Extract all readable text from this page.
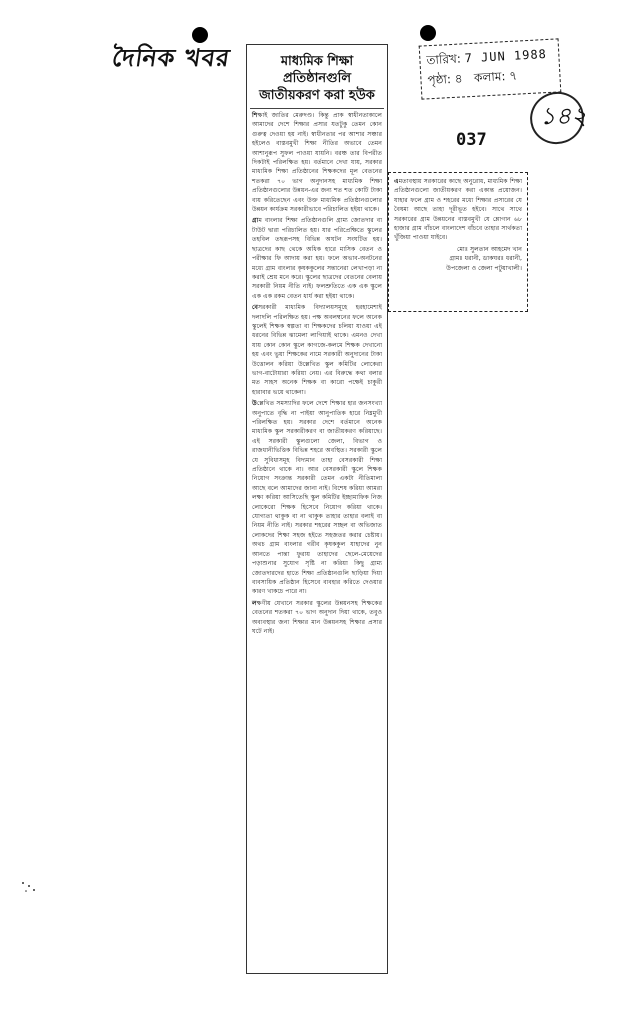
দৈনিক খবর	মাধ্যমিক শিক্ষা
প্রতিষ্ঠানগুলি
জাতীয়করণ করা হউক

শিক্ষাই জাতির মেরুদণ্ড। কিন্তু প্রাক স্বাধীনতাকালে আমাদের দেশে শিক্ষার প্রসার যতটুকু তেমন কোন গুরুত্ব দেওয়া হয় নাই। স্বাধীনতার পর আশার সঞ্চার হইলেও বাস্তবমুখী শিক্ষা নীতির অভাবে তেমন আশানুরূপ সুফল পাওয়া যায়নি। বরঞ্চ তার বিপরীত দিকটাই পরিলক্ষিত হয়। বর্তমানে দেখা যায়, সরকার মাধ্যমিক শিক্ষা প্রতিষ্ঠানের শিক্ষকদের মূল বেতনের শতকরা ৭০ ভাগ অনুদানসহ মাধ্যমিক শিক্ষা প্রতিষ্ঠানগুলোর উন্নয়ন-এর জন্য শত শত কোটি টাকা ব্যয় করিতেছেন এবং উক্ত মাধ্যমিক প্রতিষ্ঠানগুলোর উন্নয়ন কার্যক্রম সরকারীভাবে পরিচালিত হইয়া থাকে।

গ্রাম বাংলার শিক্ষা প্রতিষ্ঠানগুলি গ্রাম্য জোতদার বা টাউট দ্বারা পরিচালিত হয়। যার পরিপ্রেক্ষিতে স্কুলের তহবিল তছরূপসহ বিভিন্ন অঘটন সংঘটিত হয়। ছাত্রদের কাছ থেকে অধিক হারে মাসিক বেতন ও পরীক্ষার ফি আদায় করা হয়। ফলে অভাব-অনটনের মধ্যে গ্রাম বাংলার কৃষককুলের সন্তানেরা লেখাপড়া না করাই শ্রেয় মনে করে। স্কুলের ছাত্রদের বেতনের বেলায় সরকারী নিয়ম নীতি নাই। ফলশ্রুতিতে এক এক স্কুলে এক এক রকম বেতন ধার্য করা হইয়া থাকে।

বেসরকারী মাধ্যমিক বিদ্যালয়সমূহে হরহামেশাই দলাদলি পরিলক্ষিত হয়। পক্ষ অবলম্বনের ফলে অনেক স্কুলেই শিক্ষক স্বল্পতা বা শিক্ষকদের চলিয়া যাওয়া এই ধরনের বিভিন্ন ঝামেলা লাগিয়াই থাকে। এমনও দেখা যায় কোন কোন স্কুলে কাগজে-কলমে শিক্ষক দেখানো হয় এবং ভুয়া শিক্ষকের নামে সরকারী অনুদানের টাকা উত্তোলন করিয়া উল্লেখিত স্কুল কমিটির লোকেরা ভাগ-বাটোয়ারা করিয়া নেয়। এর বিরুদ্ধে কথা বলার মত সাহস অনেক শিক্ষক বা কারো পক্ষেই চাকুরী হারাবার ভয়ে থাকেনা।

উল্লেখিত সমস্যাদির ফলে দেশে শিক্ষার হার জনসংখ্যা অনুপাতে বৃদ্ধি না পাইয়া আনুপাতিক হারে নিম্নমুখী পরিলক্ষিত হয়। সরকার দেশে বর্তমানে অনেক মাধ্যমিক স্কুল সরকারীকরণ বা জাতীয়করণ করিয়াছে। এই সরকারী স্কুলগুলো জেলা, বিভাগ ও রাজধানীভিত্তিক বিভিন্ন শহরে অবস্থিত। সরকারী স্কুলে যে সুবিধাসমূহ বিদ্যমান তাহা বেসরকারী শিক্ষা প্রতিষ্ঠানে থাকে না। আর বেসরকারী স্কুলে শিক্ষক নিয়োগ সংক্রান্ত সরকারী তেমন একটা নীতিমালা আছে বলে আমাদের জানা নাই। বিশেষ করিয়া আমরা লক্ষ্য করিয়া আসিতেছি স্কুল কমিটির ইচ্ছামাফিক নিজ লোকেরো শিক্ষক হিসেবে নিয়োগ করিয়া থাকে। যোগ্যতা থাকুক বা না থাকুক তাহার তাহার বলাই বা নিয়ম নীতি নাই। সরকার শহরের সচ্ছল বা অভিজাত লোকদের শিক্ষা সহজ হইতে সহজতর করার চেষ্টায়। অথচ গ্রাম বাংলার গরীব কৃষককুল যাহাদের নুন আনতে পান্তা ফুরায় তাহাদের ছেলে-মেয়েদের পড়াশুনার সুযোগ সৃষ্টি না করিয়া কিছু গ্রাম্য জোতদারদের হাতে শিক্ষা প্রতিষ্ঠানগুলি ছাড়িয়া দিয়া ব্যবসায়িক প্রতিষ্ঠান হিসেবে ব্যবহার করিতে দেওয়ার কারণ খাকচে পারে না।

লক্ষণীয় যেখানে সরকার স্কুলের উন্নয়নসহ শিক্ষকের বেতনের শতকরা ৭০ ভাগ অনুদান দিয়া থাকে, তবুও অব্যবস্থার জন্য শিক্ষার মান উন্নয়নসহ শিক্ষার প্রসার ঘটে নাই।

তারিখ: 7 JUN 1988
পৃষ্ঠা: ৪ কলাম: ৭
১৪২
037

এমতাবস্থায় সরকারের কাছে অনুরোধ, মাধ্যমিক শিক্ষা প্রতিষ্ঠানগুলো জাতীয়করণ করা একান্ত প্রয়োজন। যাহার ফলে গ্রাম ও শহরের মধ্যে শিক্ষার প্রসারের যে বৈষম্য আছে তাহা দূরীভূত হইবে। সাথে সাথে সরকারের গ্রাম উন্নয়নের বাস্তবমুখী যে শ্লোগান ৬৮ হাজার গ্রাম বাঁচলে বাংলাদেশ বাঁচবে তাহার সার্থকতা খুঁজিয়া পাওয়া যাইবে।

মোঃ সুলতান আহমেদ খান

গ্রামঃ ধরানী, ডাকঘরঃ ধরানী,

উপজেলা ও জেলা পটুয়াখালী।
